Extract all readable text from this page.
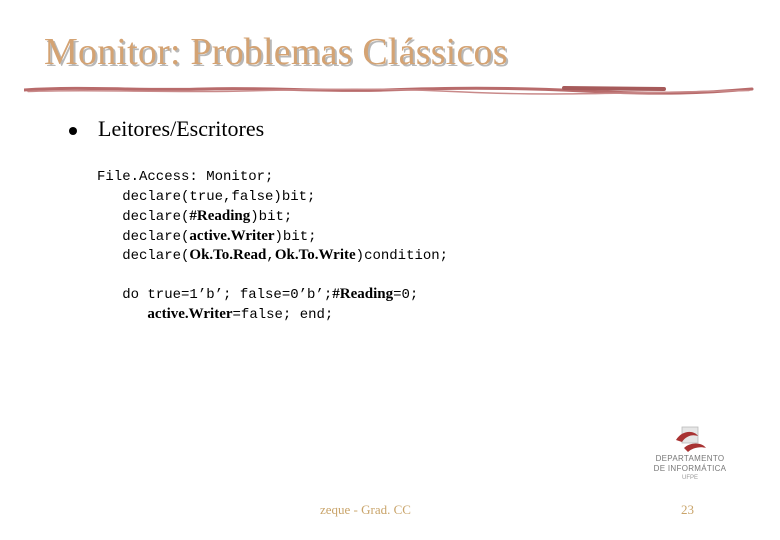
Monitor: Problemas Clássicos
Leitores/Escritores
File.Access: Monitor;
declare(true,false)bit;
declare(#Reading)bit;
declare(active.Writer)bit;
declare(Ok.To.Read,Ok.To.Write)condition;
do true=1’b’; false=0’b’;#Reading=0;
active.Writer=false; end;
DEPARTAMENTO
DE INFORMÁTICA
UFPE
zeque - Grad. CC	23
